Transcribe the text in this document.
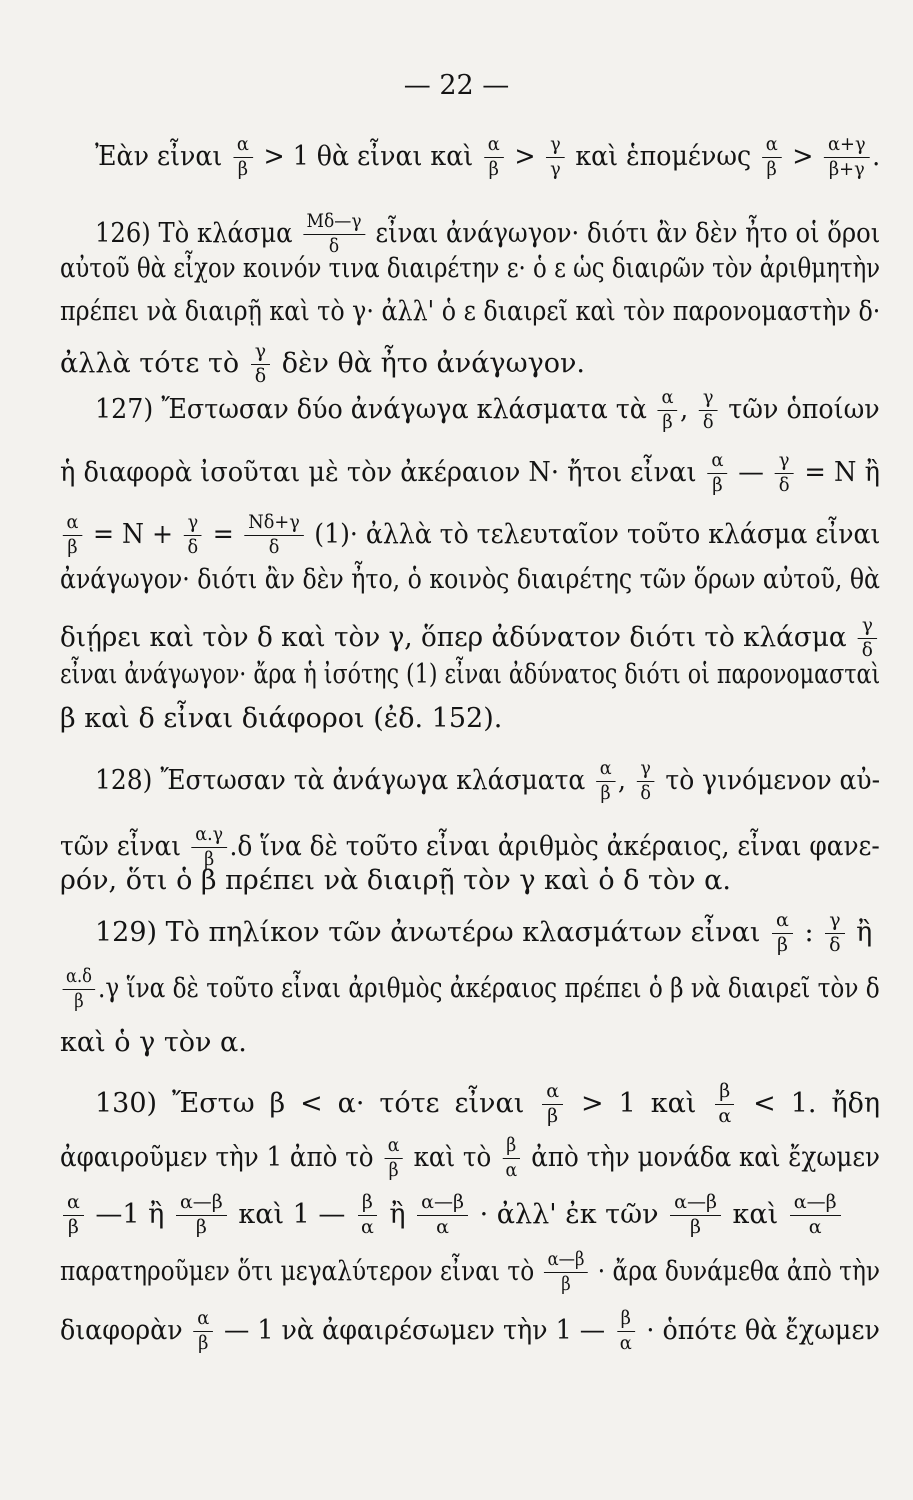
— 22 —
Ἐὰν εἶναι $\frac{\alpha}{\beta} > 1$ θὰ εἶναι καὶ $\frac{\alpha}{\beta} > \frac{\gamma}{\gamma}$ καὶ ἑπομένως $\frac{\alpha}{\beta} > \frac{\alpha+\gamma}{\beta+\gamma}$ .
126) Τὸ κλάσμα $\frac{M\delta—\gamma}{\delta}$ εἶναι ἀνάγωγον· διότι ἂν δὲν ἦτο οἱ ὅροι
αὐτοῦ θὰ εἶχον κοινόν τινα διαιρέτην ε· ὁ ε ὡς διαιρῶν τὸν ἀριθμητὴν
πρέπει νὰ διαιρῇ καὶ τὸ γ· ἀλλ' ὁ ε διαιρεῖ καὶ τὸν παρονομαστὴν δ·
ἀλλὰ τότε τὸ $\frac{\gamma}{\delta}$ δὲν θὰ ἦτο ἀνάγωγον.
127) Ἔστωσαν δύο ἀνάγωγα κλάσματα τὰ $\frac{\alpha}{\beta}$ , $\frac{\gamma}{\delta}$ τῶν ὁποίων
ἡ διαφορὰ ἰσοῦται μὲ τὸν ἀκέραιον Ν· ἤτοι εἶναι $\frac{\alpha}{\beta}$ — $\frac{\gamma}{\delta} = N$ ἢ
$\frac{\alpha}{\beta} = N + \frac{\gamma}{\delta} = \frac{N\delta+\gamma}{\delta} (1)\cdot$ ἀλλὰ τὸ τελευταῖον τοῦτο κλάσμα εἶναι
ἀνάγωγον· διότι ἂν δὲν ἦτο, ὁ κοινὸς διαιρέτης τῶν ὅρων αὐτοῦ, θὰ
διῄρει καὶ τὸν δ καὶ τὸν γ, ὅπερ ἀδύνατον διότι τὸ κλάσμα $\frac{\gamma}{\delta}$
εἶναι ἀνάγωγον· ἄρα ἡ ἰσότης (1) εἶναι ἀδύνατος διότι οἱ παρονομασταὶ
β καὶ δ εἶναι διάφοροι (ἐδ. 152).
128) Ἔστωσαν τὰ ἀνάγωγα κλάσματα $\frac{\alpha}{\beta}$ , $\frac{\gamma}{\delta}$ τὸ γινόμενον αὐ-
τῶν εἶναι $\frac{\alpha.\gamma}{\beta} .\delta$ ἵνα δὲ τοῦτο εἶναι ἀριθμὸς ἀκέραιος, εἶναι φανε-
ρόν, ὅτι ὁ β πρέπει νὰ διαιρῇ τὸν γ καὶ ὁ δ τὸν α.
129) Τὸ πηλίκον τῶν ἀνωτέρω κλασμάτων εἶναι $\frac{\alpha}{\beta}$ : $\frac{\gamma}{\delta}$ ἢ
$\frac{\alpha.\delta}{\beta} .\gamma$ ἵνα δὲ τοῦτο εἶναι ἀριθμὸς ἀκέραιος πρέπει ὁ β νὰ διαιρεῖ τὸν δ
καὶ ὁ γ τὸν α.
130) Ἔστω β < α· τότε εἶναι $\frac{\alpha}{\beta} > 1$ καὶ $\frac{\beta}{\alpha} < 1$. ἤδη
ἀφαιροῦμεν τὴν 1 ἀπὸ τὸ $\frac{\alpha}{\beta}$ καὶ τὸ $\frac{\beta}{\alpha}$ ἀπὸ τὴν μονάδα καὶ ἔχωμεν
$\frac{\alpha}{\beta}$ —1 ἢ $\frac{\alpha—\beta}{\beta}$ καὶ 1 — $\frac{\beta}{\alpha}$ ἢ $\frac{\alpha—\beta}{\alpha}$ · ἀλλ' ἐκ τῶν $\frac{\alpha—\beta}{\beta}$ καὶ $\frac{\alpha—\beta}{\alpha}$
παρατηροῦμεν ὅτι μεγαλύτερον εἶναι τὸ $\frac{\alpha—\beta}{\beta}$ · ἄρα δυνάμεθα ἀπὸ τὴν
διαφορὰν $\frac{\alpha}{\beta}$ — 1 νὰ ἀφαιρέσωμεν τὴν 1 — $\frac{\beta}{\alpha}$ · ὁπότε θὰ ἔχωμεν
